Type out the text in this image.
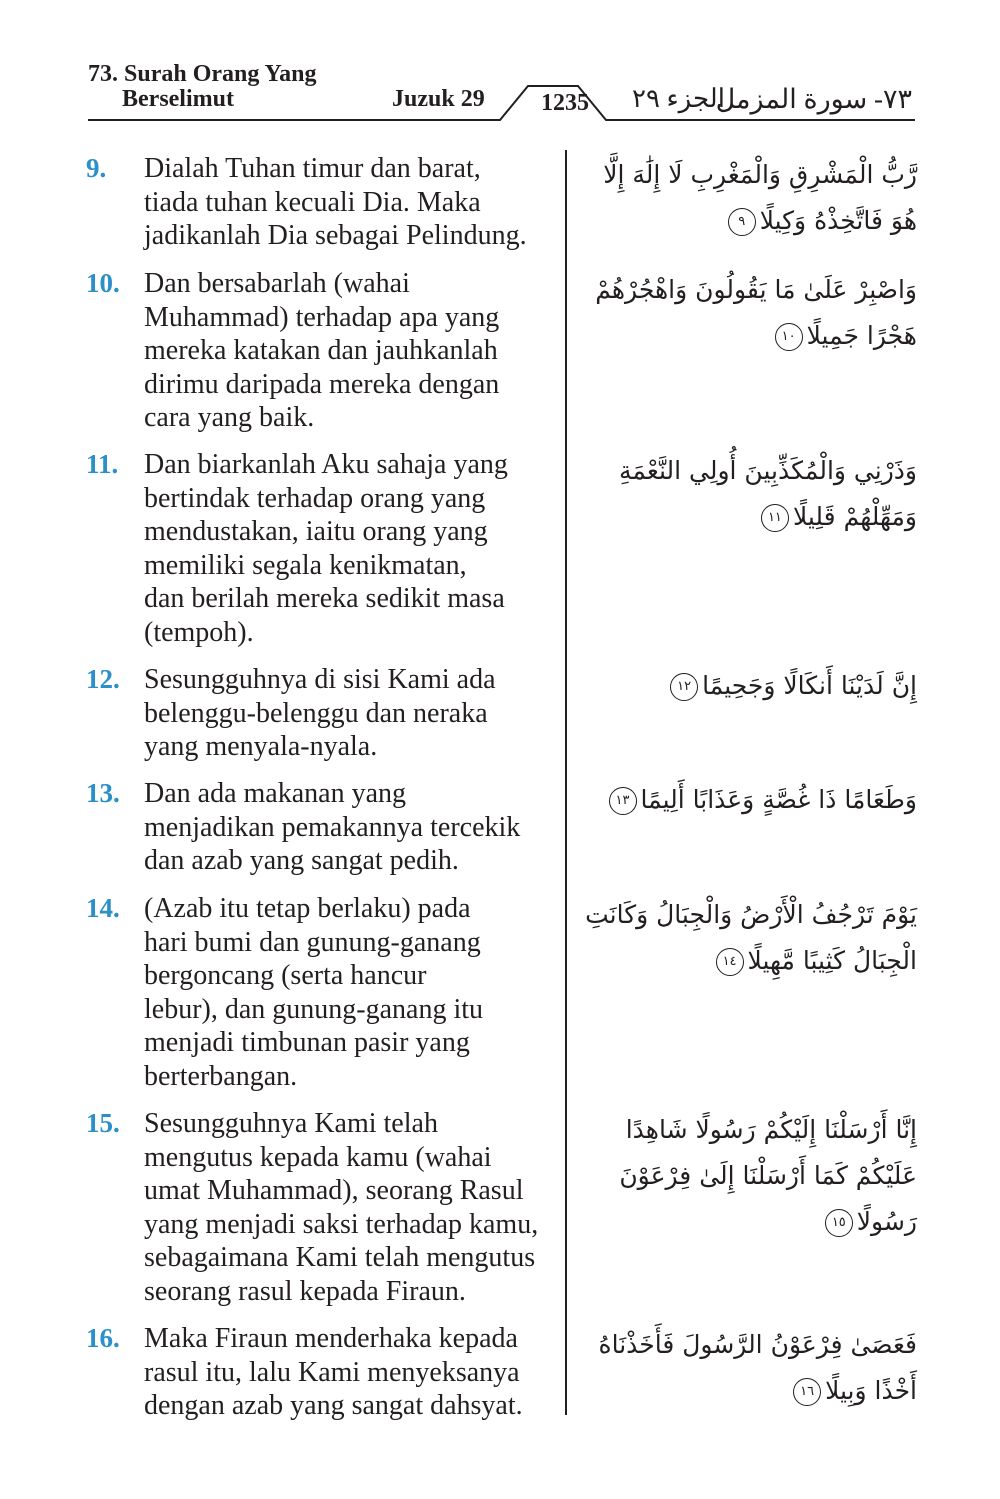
73. Surah Orang Yang
Berselimut	Juzuk 29 1235 الجزء ٢٩
٧٣- سورة المزمل
9. Dialah Tuhan timur dan barat,
tiada tuhan kecuali Dia. Maka
jadikanlah Dia sebagai Pelindung.
رَّبُّ الْمَشْرِقِ وَالْمَغْرِبِ لَا إِلَٰهَ إِلَّا هُوَ فَاتَّخِذْهُ وَكِيلًا٩
10. Dan bersabarlah (wahai
Muhammad) terhadap apa yang
mereka katakan dan jauhkanlah
dirimu daripada mereka dengan
cara yang baik.
وَاصْبِرْ عَلَىٰ مَا يَقُولُونَ وَاهْجُرْهُمْ هَجْرًا جَمِيلًا١٠
11. Dan biarkanlah Aku sahaja yang
bertindak terhadap orang yang
mendustakan, iaitu orang yang
memiliki segala kenikmatan,
dan berilah mereka sedikit masa
(tempoh).
وَذَرْنِي وَالْمُكَذِّبِينَ أُولِي النَّعْمَةِ وَمَهِّلْهُمْ قَلِيلًا١١
12. Sesungguhnya di sisi Kami ada
belenggu-belenggu dan neraka
yang menyala-nyala.
إِنَّ لَدَيْنَا أَنكَالًا وَجَحِيمًا١٢
13. Dan ada makanan yang
menjadikan pemakannya tercekik
dan azab yang sangat pedih.
وَطَعَامًا ذَا غُصَّةٍ وَعَذَابًا أَلِيمًا١٣
14. (Azab itu tetap berlaku) pada
hari bumi dan gunung-ganang
bergoncang (serta hancur
lebur), dan gunung-ganang itu
menjadi timbunan pasir yang
berterbangan.
يَوْمَ تَرْجُفُ الْأَرْضُ وَالْجِبَالُ وَكَانَتِ الْجِبَالُ كَثِيبًا مَّهِيلًا١٤
15. Sesungguhnya Kami telah
mengutus kepada kamu (wahai
umat Muhammad), seorang Rasul
yang menjadi saksi terhadap kamu,
sebagaimana Kami telah mengutus
seorang rasul kepada Firaun.
إِنَّا أَرْسَلْنَا إِلَيْكُمْ رَسُولًا شَاهِدًا عَلَيْكُمْ كَمَا أَرْسَلْنَا إِلَىٰ فِرْعَوْنَ رَسُولًا١٥
16. Maka Firaun menderhaka kepada
rasul itu, lalu Kami menyeksanya
dengan azab yang sangat dahsyat.
فَعَصَىٰ فِرْعَوْنُ الرَّسُولَ فَأَخَذْنَاهُ أَخْذًا وَبِيلًا١٦
